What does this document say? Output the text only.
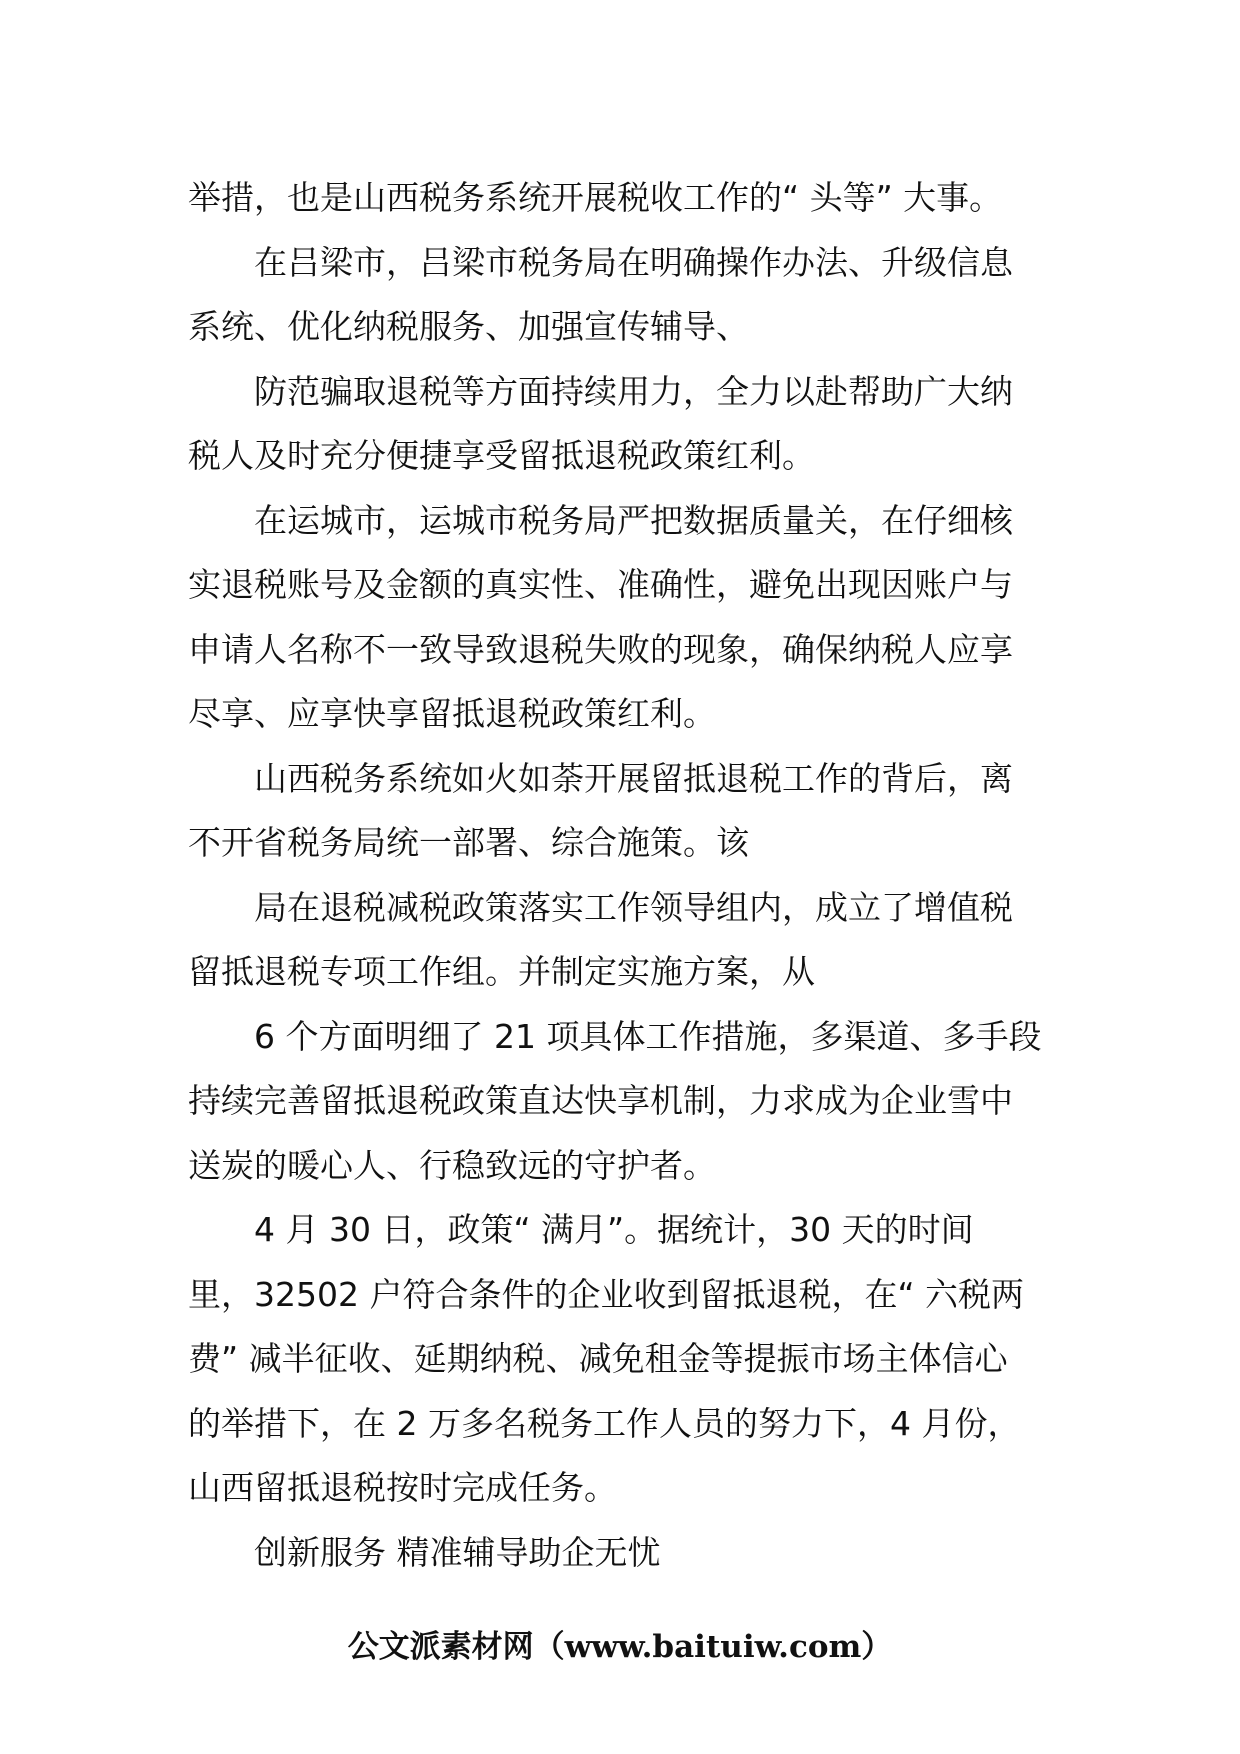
举措，也是山西税务系统开展税收工作的“ 头等” 大事。
在吕梁市，吕梁市税务局在明确操作办法、升级信息
系统、优化纳税服务、加强宣传辅导、
防范骗取退税等方面持续用力，全力以赴帮助广大纳
税人及时充分便捷享受留抵退税政策红利。
在运城市，运城市税务局严把数据质量关，在仔细核
实退税账号及金额的真实性、准确性，避免出现因账户与
申请人名称不一致导致退税失败的现象，确保纳税人应享
尽享、应享快享留抵退税政策红利。
山西税务系统如火如荼开展留抵退税工作的背后，离
不开省税务局统一部署、综合施策。该
局在退税减税政策落实工作领导组内，成立了增值税
留抵退税专项工作组。并制定实施方案，从
6 个方面明细了 21 项具体工作措施，多渠道、多手段
持续完善留抵退税政策直达快享机制，力求成为企业雪中
送炭的暖心人、行稳致远的守护者。
4 月 30 日，政策“ 满月”。据统计，30 天的时间
里，32502 户符合条件的企业收到留抵退税，在“ 六税两
费” 减半征收、延期纳税、减免租金等提振市场主体信心
的举措下，在 2 万多名税务工作人员的努力下，4 月份，
山西留抵退税按时完成任务。
创新服务 精准辅导助企无忧
公文派素材网（www.baituiw.com）
